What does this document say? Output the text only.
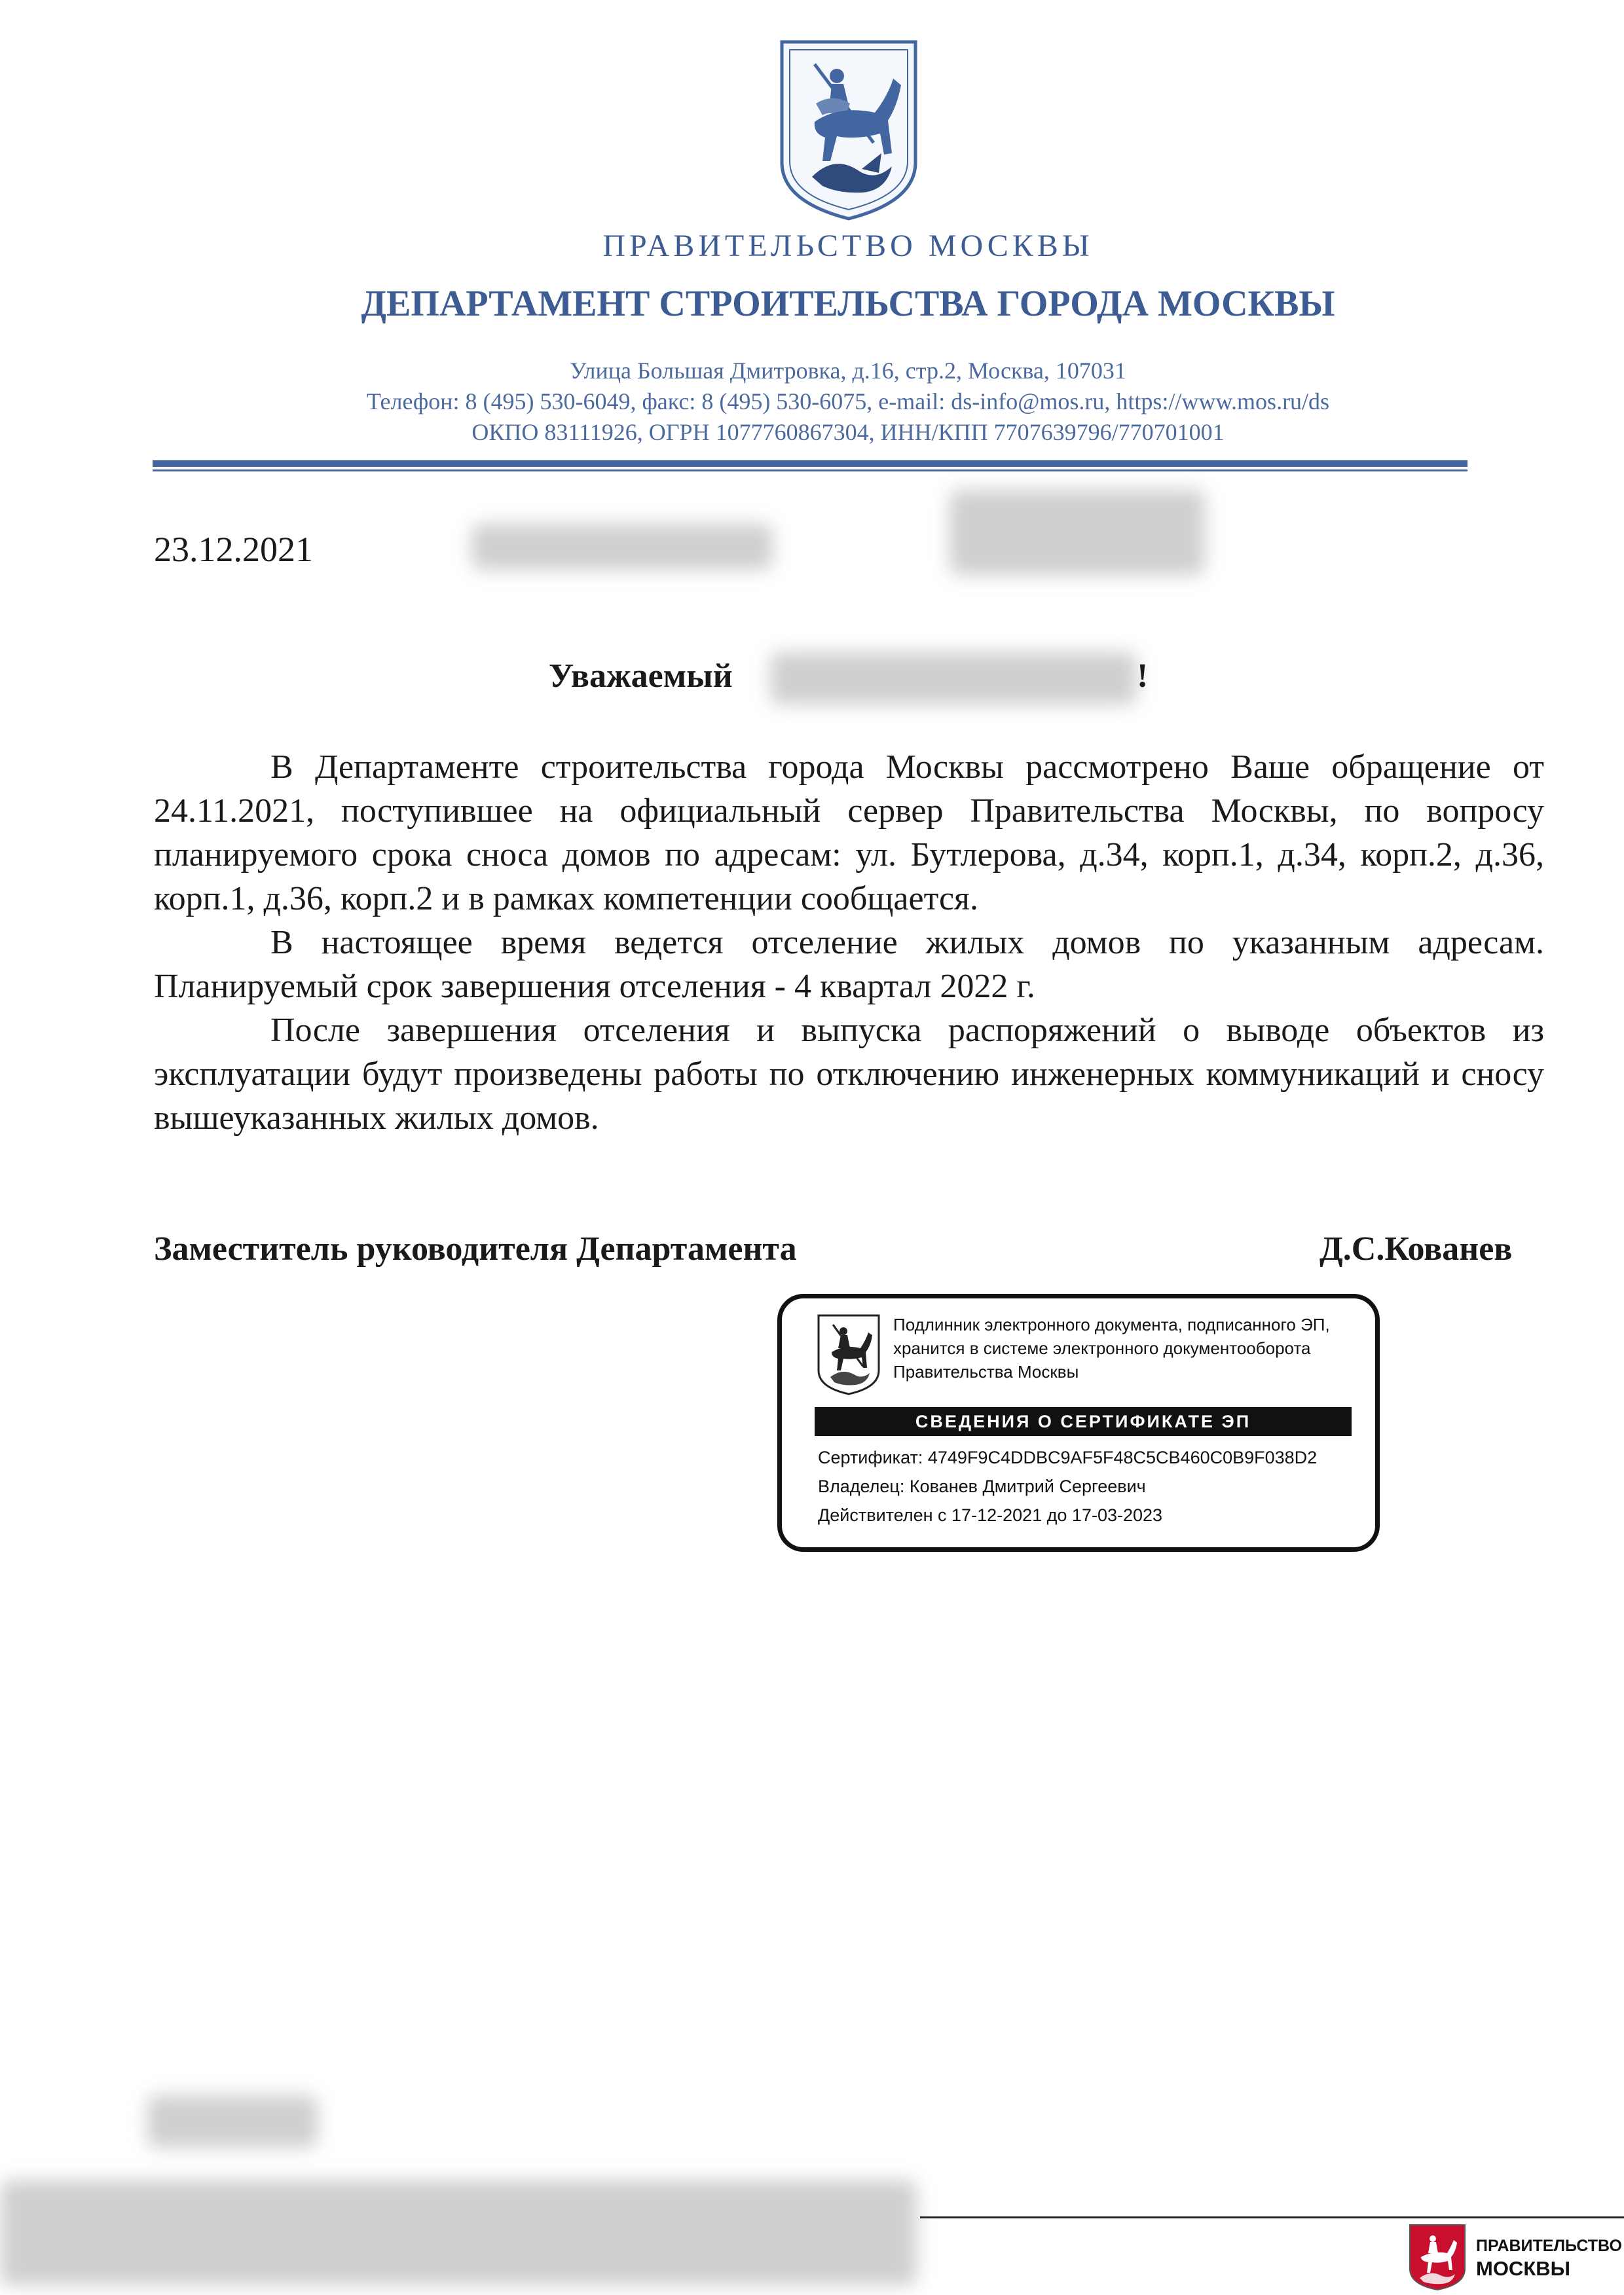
ПРАВИТЕЛЬСТВО МОСКВЫ
ДЕПАРТАМЕНТ СТРОИТЕЛЬСТВА ГОРОДА МОСКВЫ
Улица Большая Дмитровка, д.16, стр.2, Москва, 107031
Телефон: 8 (495) 530-6049, факс: 8 (495) 530-6075, e-mail: ds-info@mos.ru, https://www.mos.ru/ds
ОКПО 83111926, ОГРН 1077760867304, ИНН/КПП 7707639796/770701001
23.12.2021
Уважаемый	!
В Департаменте строительства города Москвы рассмотрено Ваше обращение от 24.11.2021, поступившее на официальный сервер Правительства Москвы, по вопросу планируемого срока сноса домов по адресам: ул. Бутлерова, д.34, корп.1, д.34, корп.2, д.36, корп.1, д.36, корп.2 и в рамках компетенции сообщается.
В настоящее время ведется отселение жилых домов по указанным адресам. Планируемый срок завершения отселения - 4 квартал 2022 г.
После завершения отселения и выпуска распоряжений о выводе объектов из эксплуатации будут произведены работы по отключению инженерных коммуникаций и сносу вышеуказанных жилых домов.
Заместитель руководителя Департамента	Д.С.Кованев
Подлинник электронного документа, подписанного ЭП,
хранится в системе электронного документооборота
Правительства Москвы
СВЕДЕНИЯ О СЕРТИФИКАТЕ ЭП
Сертификат: 4749F9C4DDBC9AF5F48C5CB460C0B9F038D2
Владелец: Кованев Дмитрий Сергеевич
Действителен с 17-12-2021 до 17-03-2023
ПРАВИТЕЛЬСТВО
МОСКВЫ
